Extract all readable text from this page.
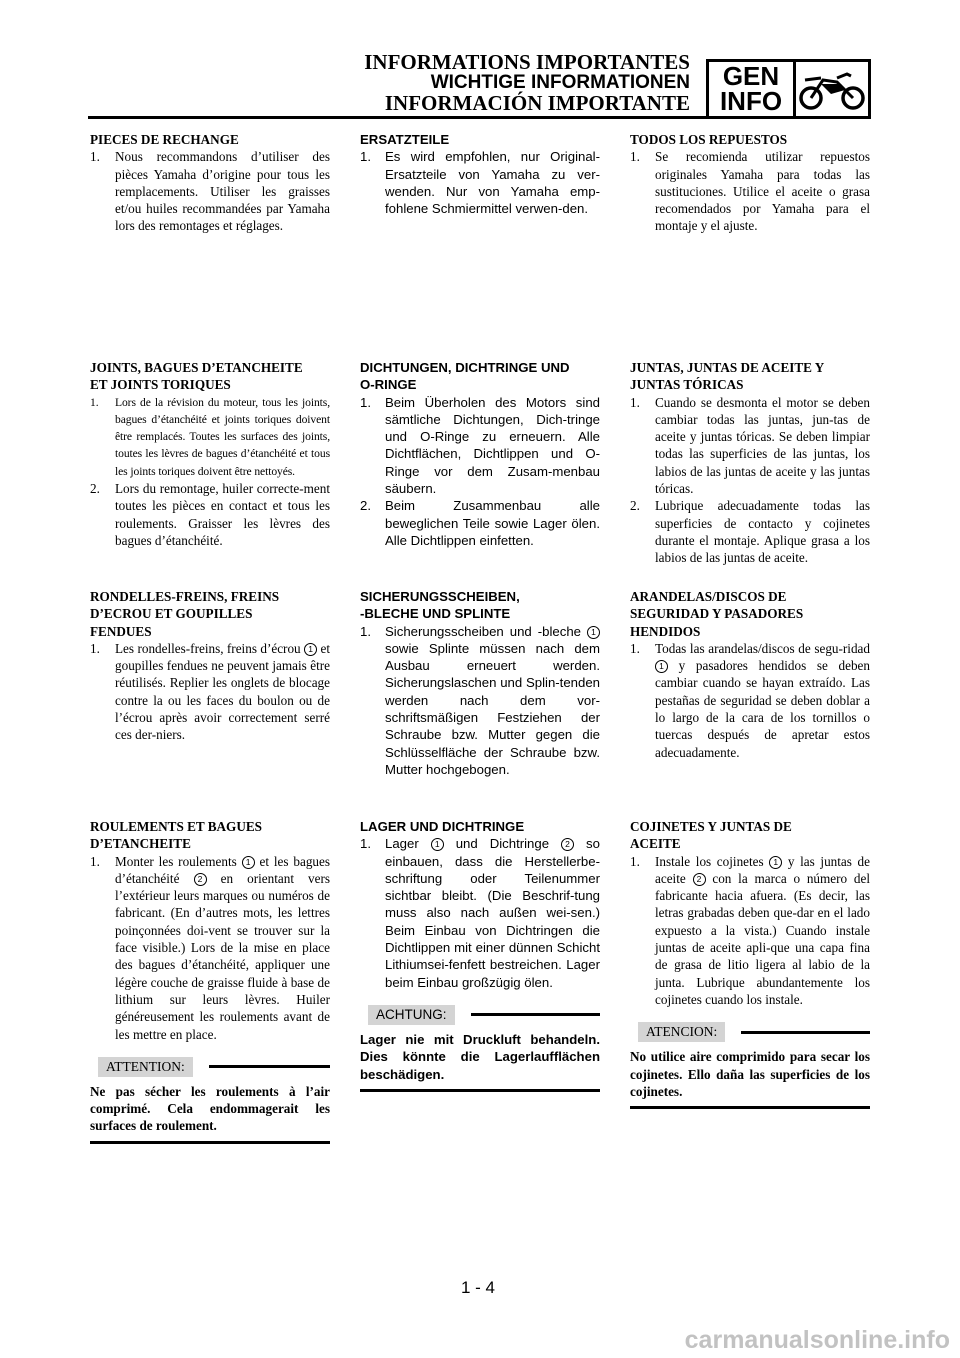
INFORMATIONS IMPORTANTES
WICHTIGE INFORMATIONEN
INFORMACIÓN IMPORTANTE
GEN
INFO
PIECES DE RECHANGE
1.	Nous recommandons d’utiliser des pièces Yamaha d’origine pour tous les remplacements. Utiliser les graisses et/ou huiles recommandées par Yamaha lors des remontages et réglages.
JOINTS, BAGUES D’ETANCHEITE
ET JOINTS TORIQUES
1.	Lors de la révision du moteur, tous les joints, bagues d’étanchéité et joints toriques doivent être remplacés. Toutes les surfaces des joints, toutes les lèvres de bagues d’étanchéité et tous les joints toriques doivent être nettoyés.
2.	Lors du remontage, huiler correcte-ment toutes les pièces en contact et tous les roulements. Graisser les lèvres des bagues d’étanchéité.
RONDELLES-FREINS, FREINS
D’ECROU ET GOUPILLES
FENDUES
1.	Les rondelles-freins, freins d’écrou 1 et goupilles fendues ne peuvent jamais être réutilisés. Replier les onglets de blocage contre la ou les faces du boulon ou de l’écrou après avoir correctement serré ces der-niers.
ROULEMENTS ET BAGUES
D’ETANCHEITE
1.	Monter les roulements 1 et les bagues d’étanchéité 2 en orientant vers l’extérieur leurs marques ou numéros de fabricant. (En d’autres mots, les lettres poinçonnées doi-vent se trouver sur la face visible.) Lors de la mise en place des bagues d’étanchéité, appliquer une légère couche de graisse fluide à base de lithium sur leurs lèvres. Huiler généreusement les roulements avant de les mettre en place.
ATTENTION:
Ne pas sécher les roulements à l’air comprimé. Cela endommagerait les surfaces de roulement.
ERSATZTEILE
1.	Es wird empfohlen, nur Original-Ersatzteile von Yamaha zu ver-wenden. Nur von Yamaha emp-fohlene Schmiermittel verwen-den.
DICHTUNGEN, DICHTRINGE UND
O-RINGE
1.	Beim Überholen des Motors sind sämtliche Dichtungen, Dich-tringe und O-Ringe zu erneuern. Alle Dichtflächen, Dichtlippen und O-Ringe vor dem Zusam-menbau säubern.
2.	Beim Zusammenbau alle beweglichen Teile sowie Lager ölen. Alle Dichtlippen einfetten.
SICHERUNGSSCHEIBEN,
-BLECHE UND SPLINTE
1.	Sicherungsscheiben und -bleche 1 sowie Splinte müssen nach dem Ausbau erneuert werden. Sicherungslaschen und Splin-tenden werden nach dem vor-schriftsmäßigen Festziehen der Schraube bzw. Mutter gegen die Schlüsselfläche der Schraube bzw. Mutter hochgebogen.
LAGER UND DICHTRINGE
1.	Lager 1 und Dichtringe 2 so einbauen, dass die Herstellerbe-schriftung oder Teilenummer sichtbar bleibt. (Die Beschrif-tung muss also nach außen wei-sen.) Beim Einbau von Dichtringen die Dichtlippen mit einer dünnen Schicht Lithiumsei-fenfett bestreichen. Lager beim Einbau großzügig ölen.
ACHTUNG:
Lager nie mit Druckluft behandeln. Dies könnte die Lagerlaufflächen beschädigen.
TODOS LOS REPUESTOS
1.	Se recomienda utilizar repuestos originales Yamaha para todas las sustituciones. Utilice el aceite o grasa recomendados por Yamaha para el montaje y el ajuste.
JUNTAS, JUNTAS DE ACEITE Y
JUNTAS TÓRICAS
1.	Cuando se desmonta el motor se deben cambiar todas las juntas, jun-tas de aceite y juntas tóricas. Se deben limpiar todas las superficies de las juntas, los labios de las juntas de aceite y las juntas tóricas.
2.	Lubrique adecuadamente todas las superficies de contacto y cojinetes durante el montaje. Aplique grasa a los labios de las juntas de aceite.
ARANDELAS/DISCOS DE
SEGURIDAD Y PASADORES
HENDIDOS
1.	Todas las arandelas/discos de segu-ridad 1 y pasadores hendidos se deben cambiar cuando se hayan extraído. Las pestañas de seguridad se deben doblar a lo largo de la cara de los tornillos o tuercas después de apretar estos adecuadamente.
COJINETES Y JUNTAS DE
ACEITE
1.	Instale los cojinetes 1 y las juntas de aceite 2 con la marca o número del fabricante hacia afuera. (Es decir, las letras grabadas deben que-dar en el lado expuesto a la vista.) Cuando instale juntas de aceite apli-que una capa fina de grasa de litio ligera al labio de la junta. Lubrique abundantemente los cojinetes cuando los instale.
ATENCION:
No utilice aire comprimido para secar los cojinetes. Ello daña las superficies de los cojinetes.
1 - 4
carmanualsonline.info
